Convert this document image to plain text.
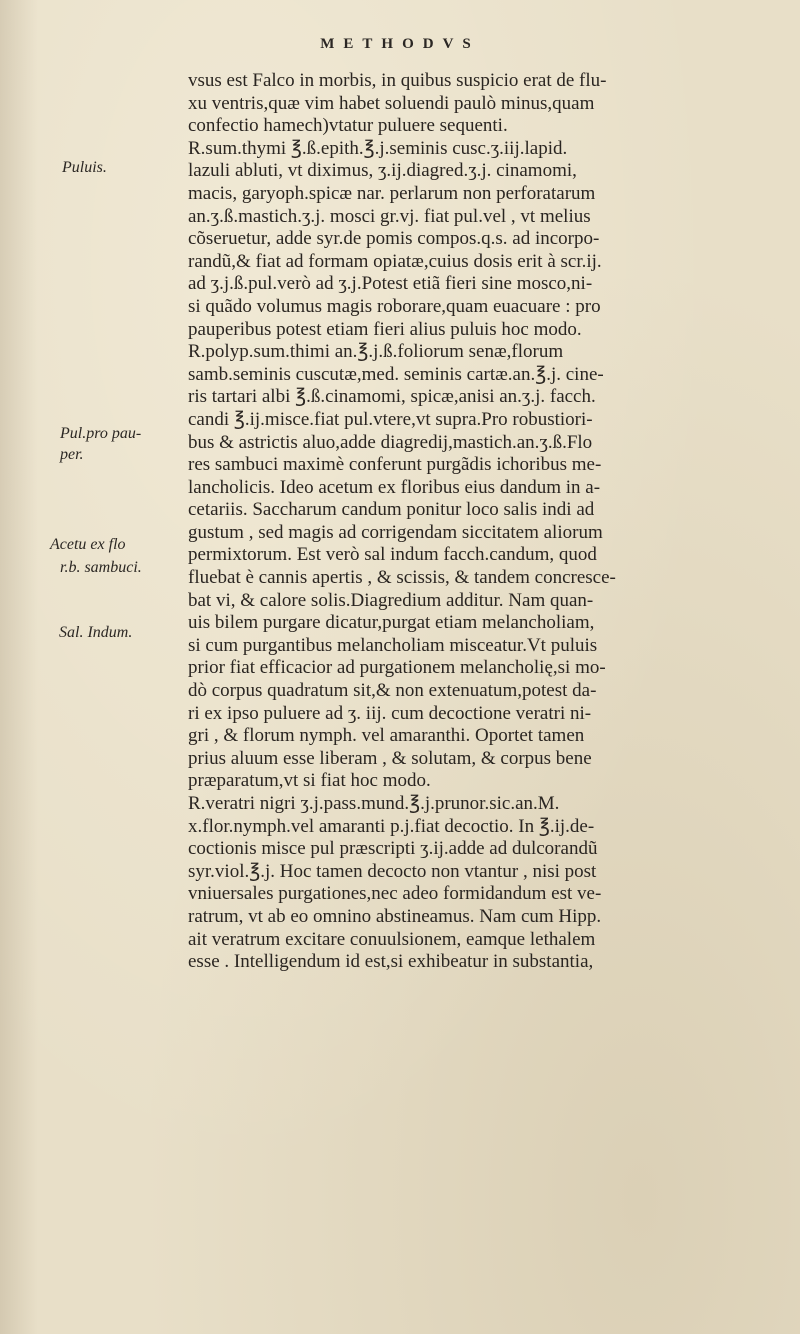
METHODVS
Puluis.
Pul.pro pau-
per.
Acetu ex flo
r.b. sambuci.
Sal. Indum.
vsus est Falco in morbis, in quibus suspicio erat de flu-
xu ventris,quæ vim habet soluendi paulò minus,quam
confectio hamech)vtatur puluere sequenti.
R.sum.thymi ℥.ß.epith.℥.j.seminis cusc.ʒ.iij.lapid.
lazuli abluti, vt diximus, ʒ.ij.diagred.ʒ.j. cinamomi,
macis, garyoph.spicæ nar. perlarum non perforatarum
an.ʒ.ß.mastich.ʒ.j. mosci gr.vj. fiat pul.vel , vt melius
cõseruetur, adde syr.de pomis compos.q.s. ad incorpo-
randũ,& fiat ad formam opiatæ,cuius dosis erit à scr.ij.
ad ʒ.j.ß.pul.verò ad ʒ.j.Potest etiã fieri sine mosco,ni-
si quãdo volumus magis roborare,quam euacuare : pro
pauperibus potest etiam fieri alius puluis hoc modo.
R.polyp.sum.thimi an.℥.j.ß.foliorum senæ,florum
samb.seminis cuscutæ,med. seminis cartæ.an.℥.j. cine-
ris tartari albi ℥.ß.cinamomi, spicæ,anisi an.ʒ.j. facch.
candi ℥.ij.misce.fiat pul.vtere,vt supra.Pro robustiori-
bus & astrictis aluo,adde diagredij,mastich.an.ʒ.ß.Flo
res sambuci maximè conferunt purgãdis ichoribus me-
lancholicis. Ideo acetum ex floribus eius dandum in a-
cetariis. Saccharum candum ponitur loco salis indi ad
gustum , sed magis ad corrigendam siccitatem aliorum
permixtorum. Est verò sal indum facch.candum, quod
fluebat è cannis apertis , & scissis, & tandem concresce-
bat vi, & calore solis.Diagredium additur. Nam quan-
uis bilem purgare dicatur,purgat etiam melancholiam,
si cum purgantibus melancholiam misceatur.Vt puluis
prior fiat efficacior ad purgationem melancholię,si mo-
dò corpus quadratum sit,& non extenuatum,potest da-
ri ex ipso puluere ad ʒ. iij. cum decoctione veratri ni-
gri , & florum nymph. vel amaranthi. Oportet tamen
prius aluum esse liberam , & solutam, & corpus bene
præparatum,vt si fiat hoc modo.
R.veratri nigri ʒ.j.pass.mund.℥.j.prunor.sic.an.M.
x.flor.nymph.vel amaranti p.j.fiat decoctio. In ℥.ij.de-
coctionis misce pul præscripti ʒ.ij.adde ad dulcorandũ
syr.viol.℥.j. Hoc tamen decocto non vtantur , nisi post
vniuersales purgationes,nec adeo formidandum est ve-
ratrum, vt ab eo omnino abstineamus. Nam cum Hipp.
ait veratrum excitare conuulsionem, eamque lethalem
esse . Intelligendum id est,si exhibeatur in substantia,
